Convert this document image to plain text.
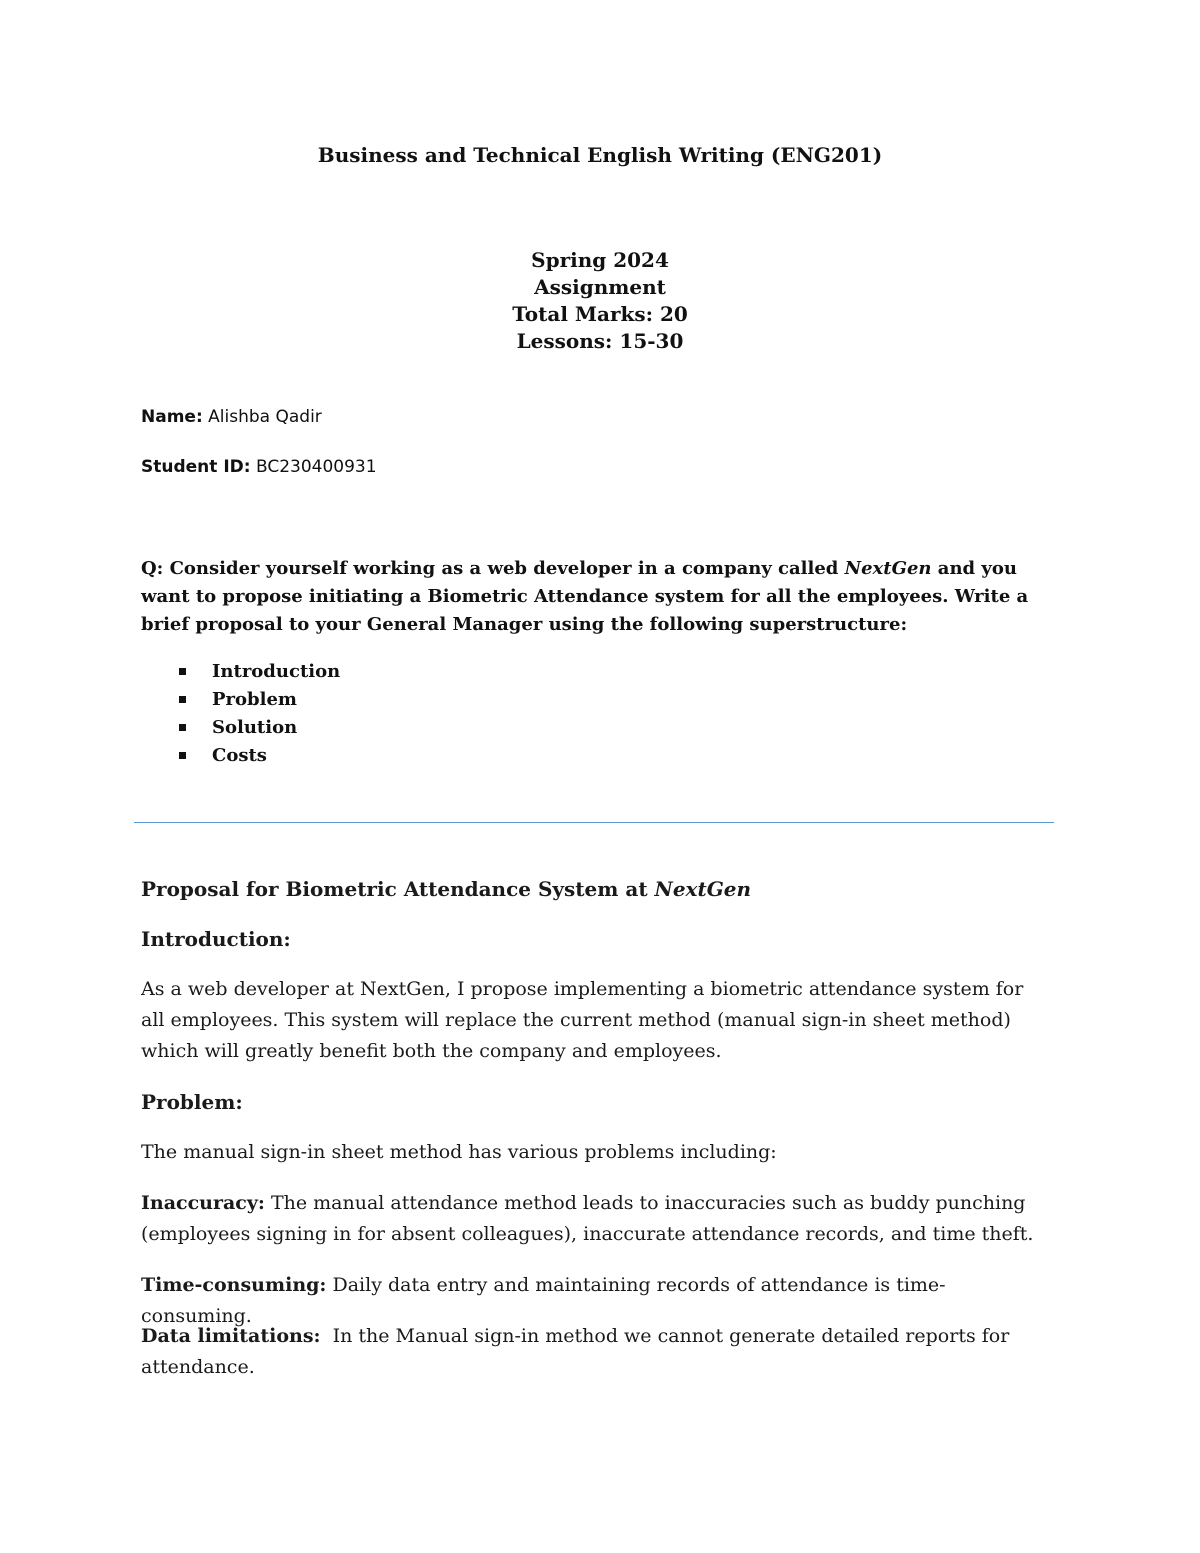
Business and Technical English Writing (ENG201)
Spring 2024
Assignment
Total Marks: 20
Lessons: 15-30
Name: Alishba Qadir
Student ID: BC230400931
Q: Consider yourself working as a web developer in a company called NextGen and you want to propose initiating a Biometric Attendance system for all the employees. Write a brief proposal to your General Manager using the following superstructure:
Introduction
Problem
Solution
Costs
Proposal for Biometric Attendance System at NextGen
Introduction:
As a web developer at NextGen, I propose implementing a biometric attendance system for all employees. This system will replace the current method (manual sign-in sheet method) which will greatly benefit both the company and employees.
Problem:
The manual sign-in sheet method has various problems including:
Inaccuracy: The manual attendance method leads to inaccuracies such as buddy punching (employees signing in for absent colleagues), inaccurate attendance records, and time theft.
Time-consuming: Daily data entry and maintaining records of attendance is time-consuming.
Data limitations:  In the Manual sign-in method we cannot generate detailed reports for attendance.
